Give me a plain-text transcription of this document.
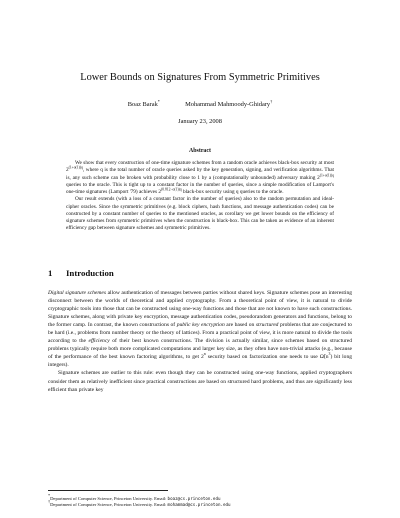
Lower Bounds on Signatures From Symmetric Primitives
Boaz Barak*	Mohammad Mahmoody-Ghidary†
January 23, 2008
Abstract

We show that every construction of one-time signature schemes from a random oracle achieves black-box security at most $2^{(1+o(1))q}$, where q is the total number of oracle queries asked by the key generation, signing, and verification algorithms. That is, any such scheme can be broken with probability close to 1 by a (computationally unbounded) adversary making $2^{(1+o(1))q}$ queries to the oracle. This is tight up to a constant factor in the number of queries, since a simple modification of Lamport's one-time signatures (Lamport '79) achieves $2^{(0.812-o(1))q}$ black-box security using q queries to the oracle.

Our result extends (with a loss of a constant factor in the number of queries) also to the random permutation and ideal-cipher oracles. Since the symmetric primitives (e.g. block ciphers, hash functions, and message authentication codes) can be constructed by a constant number of queries to the mentioned oracles, as corollary we get lower bounds on the efficiency of signature schemes from symmetric primitives when the construction is black-box. This can be taken as evidence of an inherent efficiency gap between signature schemes and symmetric primitives.

1 Introduction

Digital signature schemes allow authentication of messages between parties without shared keys. Signature schemes pose an interesting disconnect between the worlds of theoretical and applied cryptography. From a theoretical point of view, it is natural to divide cryptographic tools into those that can be constructed using one-way functions and those that are not known to have such constructions. Signature schemes, along with private key encryption, message authentication codes, pseudorandom generators and functions, belong to the former camp. In contrast, the known constructions of public key encryption are based on structured problems that are conjectured to be hard (i.e., problems from number theory or the theory of lattices). From a practical point of view, it is more natural to divide the tools according to the efficiency of their best known constructions. The division is actually similar, since schemes based on structured problems typically require both more complicated computations and larger key size, as they often have non-trivial attacks (e.g., because of the performance of the best known factoring algorithms, to get 2$^n$ security based on factorization one needs to use $\Omegã(n^3)$ bit long integers).

Signature schemes are outlier to this rule: even though they can be constructed using one-way functions, applied cryptographers consider them as relatively inefficient since practical constructions are based on structured hard problems, and thus are significantly less efficient than private key

*Department of Computer Science, Princeton University. Email: boaz@cs.princeton.edu
†Department of Computer Science, Princeton University. Email: mohammad@cs.princeton.edu
